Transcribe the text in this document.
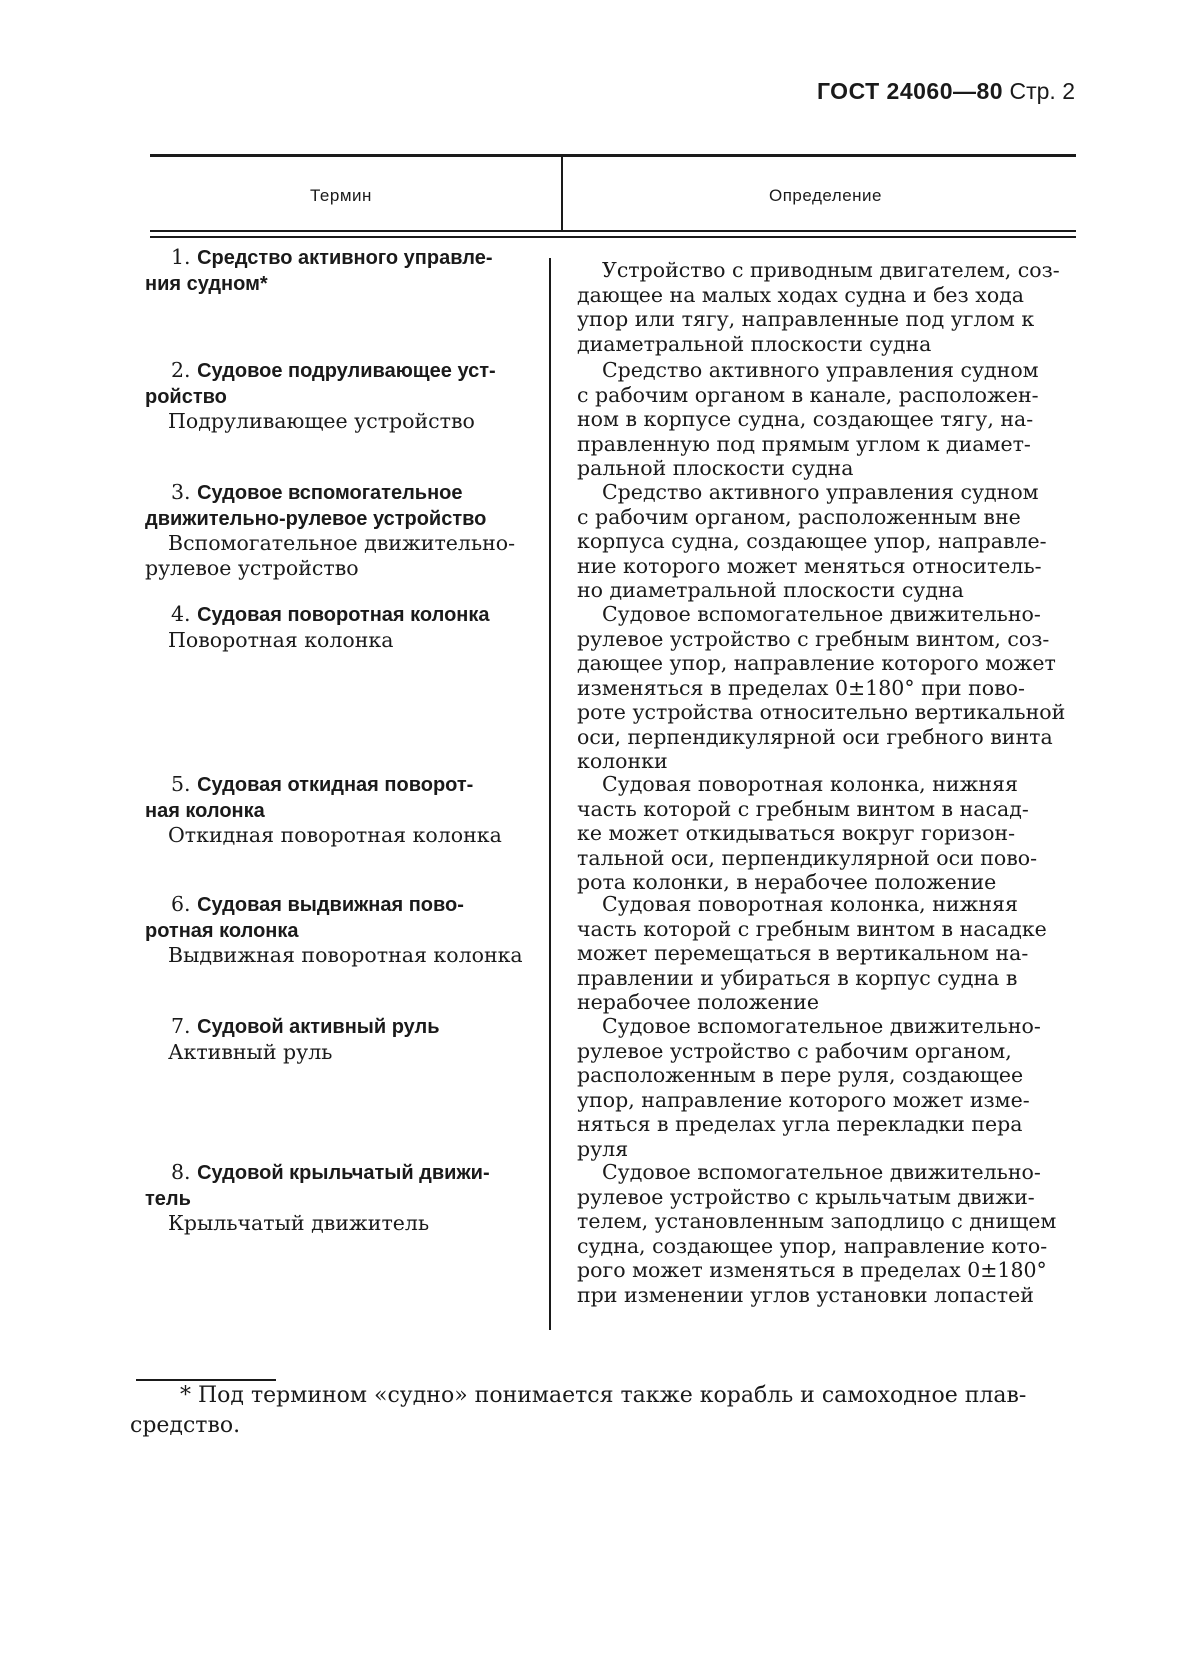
ГОСТ 24060—80 Стр. 2
Термин	Определение
1. Средство активного управле-
ния судном*
Устройство с приводным двигателем, соз-
дающее на малых ходах судна и без хода
упор или тягу, направленные под углом к
диаметральной плоскости судна
2. Судовое подруливающее уст-
ройство
Подруливающее устройство
Средство активного управления судном
с рабочим органом в канале, расположен-
ном в корпусе судна, создающее тягу, на-
правленную под прямым углом к диамет-
ральной плоскости судна
3. Судовое вспомогательное
движительно-рулевое устройство
Вспомогательное движительно-
рулевое устройство
Средство активного управления судном
с рабочим органом, расположенным вне
корпуса судна, создающее упор, направле-
ние которого может меняться относитель-
но диаметральной плоскости судна
4. Судовая поворотная колонка
Поворотная колонка
Судовое вспомогательное движительно-
рулевое устройство с гребным винтом, соз-
дающее упор, направление которого может
изменяться в пределах 0±180° при пово-
роте устройства относительно вертикальной
оси, перпендикулярной оси гребного винта
колонки
5. Судовая откидная поворот-
ная колонка
Откидная поворотная колонка
Судовая поворотная колонка, нижняя
часть которой с гребным винтом в насад-
ке может откидываться вокруг горизон-
тальной оси, перпендикулярной оси пово-
рота колонки, в нерабочее положение
6. Судовая выдвижная пово-
ротная колонка
Выдвижная поворотная колонка
Судовая поворотная колонка, нижняя
часть которой с гребным винтом в насадке
может перемещаться в вертикальном на-
правлении и убираться в корпус судна в
нерабочее положение
7. Судовой активный руль
Активный руль
Судовое вспомогательное движительно-
рулевое устройство с рабочим органом,
расположенным в пере руля, создающее
упор, направление которого может изме-
няться в пределах угла перекладки пера
руля
8. Судовой крыльчатый движи-
тель
Крыльчатый движитель
Судовое вспомогательное движительно-
рулевое устройство с крыльчатым движи-
телем, установленным заподлицо с днищем
судна, создающее упор, направление кото-
рого может изменяться в пределах 0±180°
при изменении углов установки лопастей
* Под термином «судно» понимается также корабль и самоходное плав-
средство.
